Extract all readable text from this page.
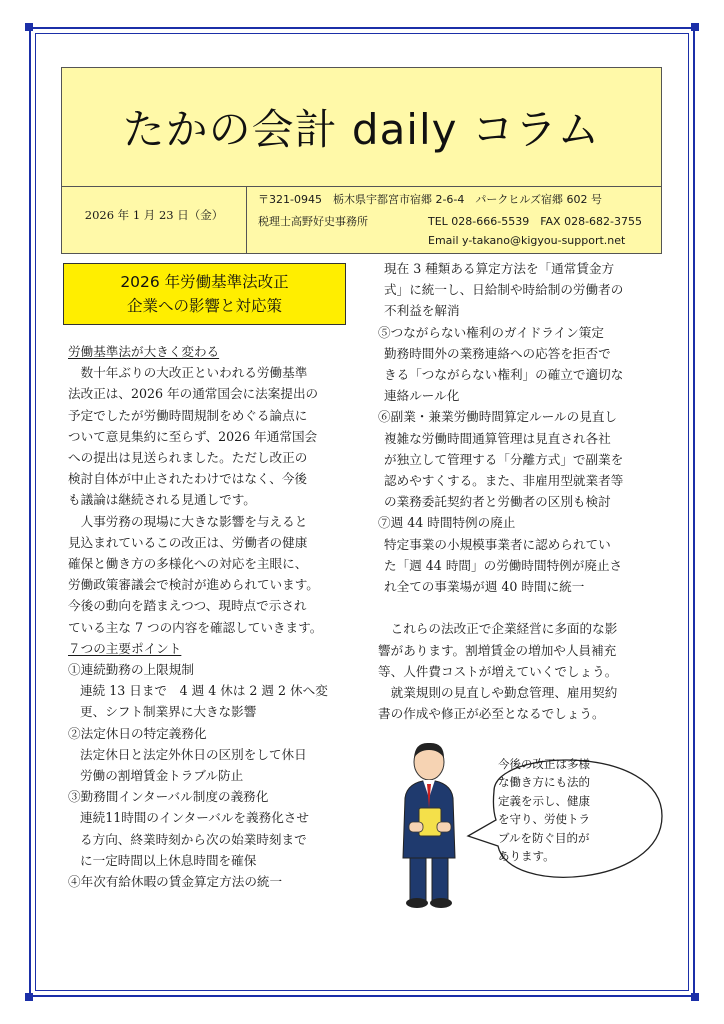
たかの会計 daily コラム
2026 年 1 月 23 日（金）
〒321-0945　栃木県宇都宮市宿郷 2-6-4　パークヒルズ宿郷 602 号
税理士高野好史事務所	TEL 028-666-5539　FAX 028-682-3755
Email y-takano@kigyou-support.net
2026 年労働基準法改正
企業への影響と対応策
労働基準法が大きく変わる
　数十年ぶりの大改正といわれる労働基準
法改正は、2026 年の通常国会に法案提出の
予定でしたが労働時間規制をめぐる論点に
ついて意見集約に至らず、2026 年通常国会
への提出は見送られました。ただし改正の
検討自体が中止されたわけではなく、今後
も議論は継続される見通しです。
　人事労務の現場に大きな影響を与えると
見込まれているこの改正は、労働者の健康
確保と働き方の多様化への対応を主眼に、
労働政策審議会で検討が進められています。
今後の動向を踏まえつつ、現時点で示され
ている主な 7 つの内容を確認していきます。
７つの主要ポイント
①連続勤務の上限規制
連続 13 日まで　4 週 4 休は 2 週 2 休へ変
更、シフト制業界に大きな影響
②法定休日の特定義務化
法定休日と法定外休日の区別をして休日
労働の割増賃金トラブル防止
③勤務間インターバル制度の義務化
連続11時間のインターバルを義務化させ
る方向、終業時刻から次の始業時刻まで
に一定時間以上休息時間を確保
④年次有給休暇の賃金算定方法の統一
現在 3 種類ある算定方法を「通常賃金方
式」に統一し、日給制や時給制の労働者の
不利益を解消
⑤つながらない権利のガイドライン策定
勤務時間外の業務連絡への応答を拒否で
きる「つながらない権利」の確立で適切な
連絡ルール化
⑥副業・兼業労働時間算定ルールの見直し
複雑な労働時間通算管理は見直され各社
が独立して管理する「分離方式」で副業を
認めやすくする。また、非雇用型就業者等
の業務委託契約者と労働者の区別も検討
⑦週 44 時間特例の廃止
特定事業の小規模事業者に認められてい
た「週 44 時間」の労働時間特例が廃止さ
れ全ての事業場が週 40 時間に統一

　これらの法改正で企業経営に多面的な影
響があります。割増賃金の増加や人員補充
等、人件費コストが増えていくでしょう。
　就業規則の見直しや勤怠管理、雇用契約
書の作成や修正が必至となるでしょう。
今後の改正は多様
な働き方にも法的
定義を示し、健康
を守り、労使トラ
ブルを防ぐ目的が
あります。
